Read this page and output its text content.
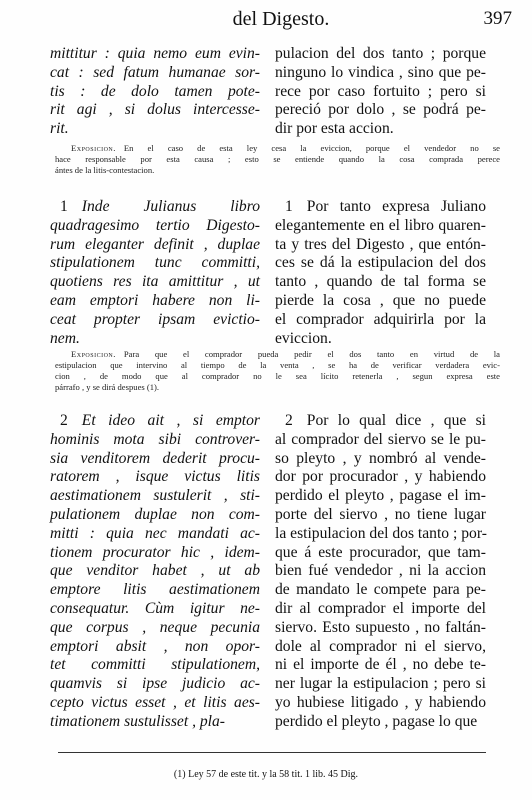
del Digesto.	397
mittitur : quia nemo eum evin-
cat : sed fatum humanae sor-
tis : de dolo tamen pote-
rit agi , si dolus intercesse-
rit.
pulacion del dos tanto ; porque
ninguno lo vindica , sino que pe-
rece por caso fortuito ; pero si
pereció por dolo , se podrá pe-
dir por esta accion.
Exposicion. En el caso de esta ley cesa la eviccion, porque el vendedor no se
hace responsable por esta causa ; esto se entiende quando la cosa comprada perece
ántes de la litis-contestacion.
1 Inde Julianus libro
quadragesimo tertio Digesto-
rum eleganter definit , duplae
stipulationem tunc committi,
quotiens res ita amittitur , ut
eam emptori habere non li-
ceat propter ipsam evictio-
nem.
1 Por tanto expresa Juliano
elegantemente en el libro quaren-
ta y tres del Digesto , que entón-
ces se dá la estipulacion del dos
tanto , quando de tal forma se
pierde la cosa , que no puede
el comprador adquirirla por la
eviccion.
Exposicion. Para que el comprador pueda pedir el dos tanto en virtud de la
estipulacion que intervino al tiempo de la venta , se ha de verificar verdadera evic-
cion , de modo que al comprador no le sea lícito retenerla , segun expresa este
párrafo , y se dirá despues (1).
2 Et ideo ait , si emptor
hominis mota sibi controver-
sia venditorem dederit procu-
ratorem , isque victus litis
aestimationem sustulerit , sti-
pulationem duplae non com-
mitti : quia nec mandati ac-
tionem procurator hic , idem-
que venditor habet , ut ab
emptore litis aestimationem
consequatur. Cùm igitur ne-
que corpus , neque pecunia
emptori absit , non opor-
tet committi stipulationem,
quamvis si ipse judicio ac-
cepto victus esset , et litis aes-
timationem sustulisset , pla-
2 Por lo qual dice , que si
al comprador del siervo se le pu-
so pleyto , y nombró al vende-
dor por procurador , y habiendo
perdido el pleyto , pagase el im-
porte del siervo , no tiene lugar
la estipulacion del dos tanto ; por-
que á este procurador, que tam-
bien fué vendedor , ni la accion
de mandato le compete para pe-
dir al comprador el importe del
siervo. Esto supuesto , no faltán-
dole al comprador ni el siervo,
ni el importe de él , no debe te-
ner lugar la estipulacion ; pero si
yo hubiese litigado , y habiendo
perdido el pleyto , pagase lo que
(1) Ley 57 de este tit. y la 58 tit. 1 lib. 45 Dig.
